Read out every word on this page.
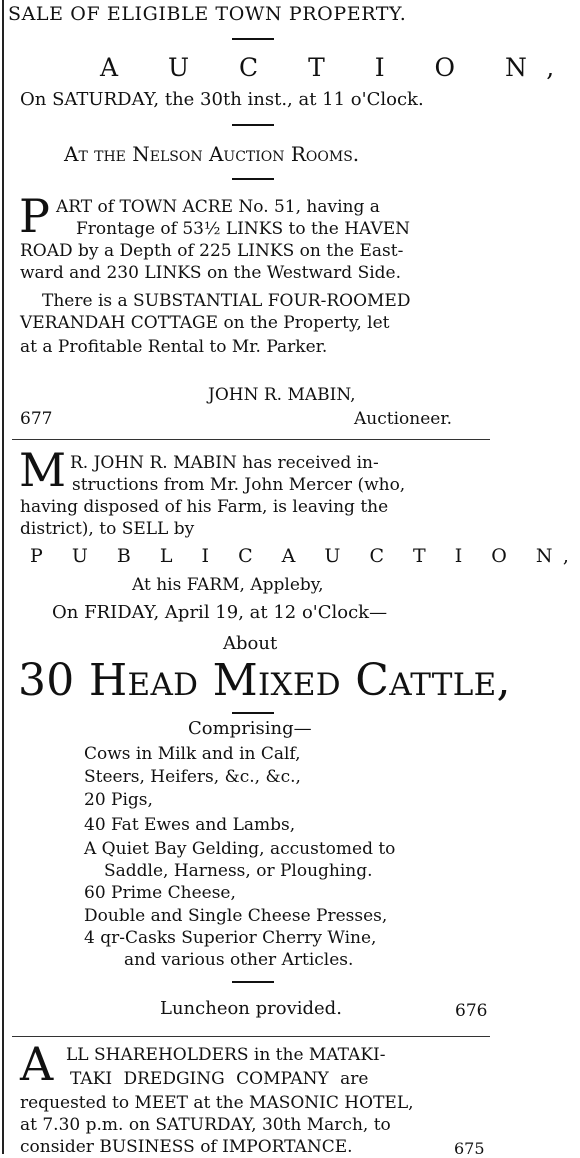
SALE OF ELIGIBLE TOWN PROPERTY.
A U C T I O N,
On SATURDAY, the 30th inst., at 11 o'Clock.
At the Nelson Auction Rooms.
P ART of TOWN ACRE No. 51, having a
Frontage of 53½ LINKS to the HAVEN
ROAD by a Depth of 225 LINKS on the East-
ward and 230 LINKS on the Westward Side.
There is a SUBSTANTIAL FOUR-ROOMED
VERANDAH COTTAGE on the Property, let
at a Profitable Rental to Mr. Parker.
JOHN R. MABIN,
677	Auctioneer.
M R. JOHN R. MABIN has received in-
structions from Mr. John Mercer (who,
having disposed of his Farm, is leaving the
district), to SELL by
P U B L I C A U C T I O N,
At his FARM, Appleby,
On FRIDAY, April 19, at 12 o'Clock—
About
30 Head Mixed Cattle,
Comprising—
Cows in Milk and in Calf,
Steers, Heifers, &c., &c.,
20 Pigs,
40 Fat Ewes and Lambs,
A Quiet Bay Gelding, accustomed to
Saddle, Harness, or Ploughing.
60 Prime Cheese,
Double and Single Cheese Presses,
4 qr-Casks Superior Cherry Wine,
and various other Articles.
Luncheon provided.	676
A LL SHAREHOLDERS in the MATAKI-
TAKI DREDGING COMPANY are
requested to MEET at the MASONIC HOTEL,
at 7.30 p.m. on SATURDAY, 30th March, to
consider BUSINESS of IMPORTANCE.	675
